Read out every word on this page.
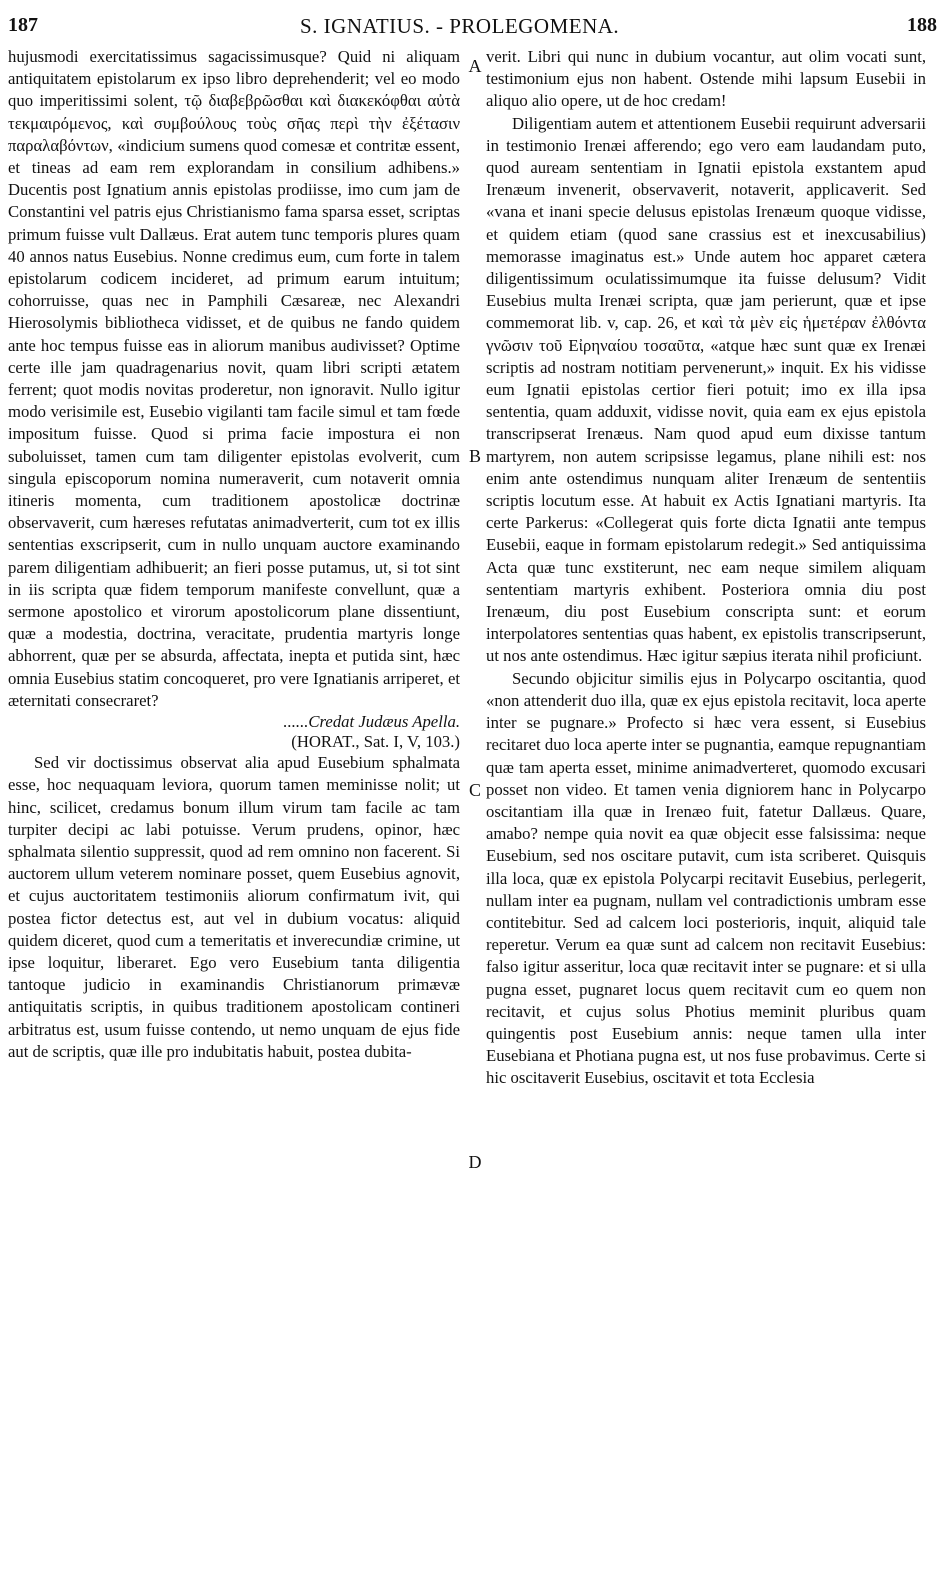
187	S. IGNATIUS. - PROLEGOMENA.	188

hujusmodi exercitatissimus sagacissimusque? Quid ni aliquam antiquitatem epistolarum ex ipso libro deprehenderit; vel eo modo quo imperitissimi solent, τῷ διαβεβρῶσθαι καὶ διακεκόφθαι αὐτὰ τεκμαιρόμενος, καὶ συμβούλους τοὺς σῆας περὶ τὴν ἐξέτασιν παραλαβόντων, «indicium sumens quod comesæ et contritæ essent, et tineas ad eam rem explorandam in consilium adhibens.» Ducentis post Ignatium annis epistolas prodiisse, imo cum jam de Constantini vel patris ejus Christianismo fama sparsa esset, scriptas primum fuisse vult Dallæus. Erat autem tunc temporis plures quam 40 annos natus Eusebius. Nonne credimus eum, cum forte in talem epistolarum codicem incideret, ad primum earum intuitum; cohorruisse, quas nec in Pamphili Cæsareæ, nec Alexandri Hierosolymis bibliotheca vidisset, et de quibus ne fando quidem ante hoc tempus fuisse eas in aliorum manibus audivisset? Optime certe ille jam quadragenarius novit, quam libri scripti ætatem ferrent; quot modis novitas proderetur, non ignoravit. Nullo igitur modo verisimile est, Eusebio vigilanti tam facile simul et tam fœde impositum fuisse. Quod si prima facie impostura ei non suboluisset, tamen cum tam diligenter epistolas evolverit, cum singula episcoporum nomina numeraverit, cum notaverit omnia itineris momenta, cum traditionem apostolicæ doctrinæ observaverit, cum hæreses refutatas animadverterit, cum tot ex illis sententias exscripserit, cum in nullo unquam auctore examinando parem diligentiam adhibuerit; an fieri posse putamus, ut, si tot sint in iis scripta quæ fidem temporum manifeste convellunt, quæ a sermone apostolico et virorum apostolicorum plane dissentiunt, quæ a modestia, doctrina, veracitate, prudentia martyris longe abhorrent, quæ per se absurda, affectata, inepta et putida sint, hæc omnia Eusebius statim concoqueret, pro vere Ignatianis arriperet, et æternitati consecraret?

......Credat Judæus Apella.

(HORAT., Sat. I, V, 103.)

Sed vir doctissimus observat alia apud Eusebium sphalmata esse, hoc nequaquam leviora, quorum tamen meminisse nolit; ut hinc, scilicet, credamus bonum illum virum tam facile ac tam turpiter decipi ac labi potuisse. Verum prudens, opinor, hæc sphalmata silentio suppressit, quod ad rem omnino non facerent. Si auctorem ullum veterem nominare posset, quem Eusebius agnovit, et cujus auctoritatem testimoniis aliorum confirmatum ivit, qui postea fictor detectus est, aut vel in dubium vocatus: aliquid quidem diceret, quod cum a temeritatis et inverecundiæ crimine, ut ipse loquitur, liberaret. Ego vero Eusebium tanta diligentia tantoque judicio in examinandis Christianorum primævæ antiquitatis scriptis, in quibus traditionem apostolicam contineri arbitratus est, usum fuisse contendo, ut nemo unquam de ejus fide aut de scriptis, quæ ille pro indubitatis habuit, postea dubita-

A
B
C
D

verit. Libri qui nunc in dubium vocantur, aut olim vocati sunt, testimonium ejus non habent. Ostende mihi lapsum Eusebii in aliquo alio opere, ut de hoc credam!

Diligentiam autem et attentionem Eusebii requirunt adversarii in testimonio Irenæi afferendo; ego vero eam laudandam puto, quod auream sententiam in Ignatii epistola exstantem apud Irenæum invenerit, observaverit, notaverit, applicaverit. Sed «vana et inani specie delusus epistolas Irenæum quoque vidisse, et quidem etiam (quod sane crassius est et inexcusabilius) memorasse imaginatus est.» Unde autem hoc apparet cætera diligentissimum oculatissimumque ita fuisse delusum? Vidit Eusebius multa Irenæi scripta, quæ jam perierunt, quæ et ipse commemorat lib. v, cap. 26, et καὶ τὰ μὲν εἰς ἡμετέραν ἐλθόντα γνῶσιν τοῦ Εἰρηναίου τοσαῦτα, «atque hæc sunt quæ ex Irenæi scriptis ad nostram notitiam pervenerunt,» inquit. Ex his vidisse eum Ignatii epistolas certior fieri potuit; imo ex illa ipsa sententia, quam adduxit, vidisse novit, quia eam ex ejus epistola transcripserat Irenæus. Nam quod apud eum dixisse tantum martyrem, non autem scripsisse legamus, plane nihili est: nos enim ante ostendimus nunquam aliter Irenæum de sententiis scriptis locutum esse. At habuit ex Actis Ignatiani martyris. Ita certe Parkerus: «Collegerat quis forte dicta Ignatii ante tempus Eusebii, eaque in formam epistolarum redegit.» Sed antiquissima Acta quæ tunc exstiterunt, nec eam neque similem aliquam sententiam martyris exhibent. Posteriora omnia diu post Irenæum, diu post Eusebium conscripta sunt: et eorum interpolatores sententias quas habent, ex epistolis transcripserunt, ut nos ante ostendimus. Hæc igitur sæpius iterata nihil proficiunt.

Secundo objicitur similis ejus in Polycarpo oscitantia, quod «non attenderit duo illa, quæ ex ejus epistola recitavit, loca aperte inter se pugnare.» Profecto si hæc vera essent, si Eusebius recitaret duo loca aperte inter se pugnantia, eamque repugnantiam quæ tam aperta esset, minime animadverteret, quomodo excusari posset non video. Et tamen venia digniorem hanc in Polycarpo oscitantiam illa quæ in Irenæo fuit, fatetur Dallæus. Quare, amabo? nempe quia novit ea quæ objecit esse falsissima: neque Eusebium, sed nos oscitare putavit, cum ista scriberet. Quisquis illa loca, quæ ex epistola Polycarpi recitavit Eusebius, perlegerit, nullam inter ea pugnam, nullam vel contradictionis umbram esse contitebitur. Sed ad calcem loci posterioris, inquit, aliquid tale reperetur. Verum ea quæ sunt ad calcem non recitavit Eusebius: falso igitur asseritur, loca quæ recitavit inter se pugnare: et si ulla pugna esset, pugnaret locus quem recitavit cum eo quem non recitavit, et cujus solus Photius meminit pluribus quam quingentis post Eusebium annis: neque tamen ulla inter Eusebiana et Photiana pugna est, ut nos fuse probavimus. Certe si hic oscitaverit Eusebius, oscitavit et tota Ecclesia
